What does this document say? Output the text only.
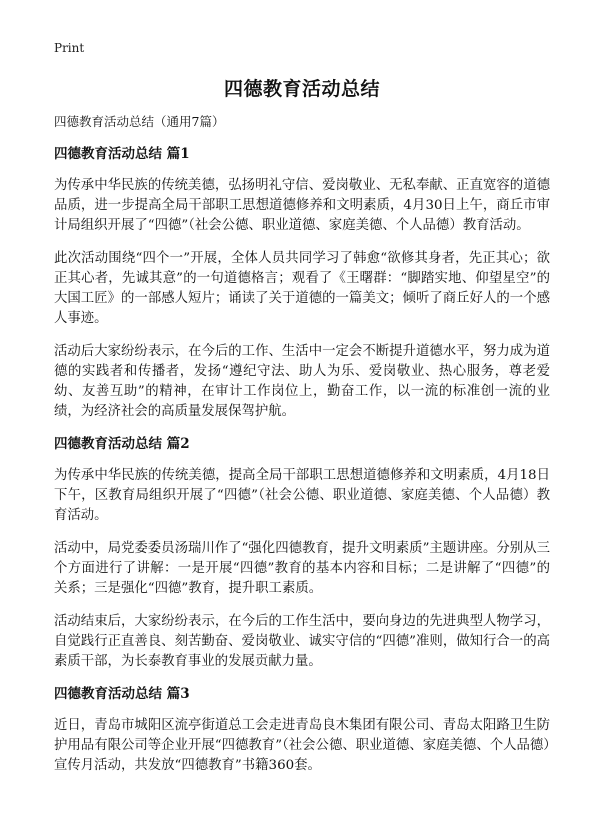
Print
四德教育活动总结

四德教育活动总结（通用7篇）

四德教育活动总结 篇1

为传承中华民族的传统美德，弘扬明礼守信、爱岗敬业、无私奉献、正直宽容的道德品质，进一步提高全局干部职工思想道德修养和文明素质，4月30日上午，商丘市审计局组织开展了“四德”（社会公德、职业道德、家庭美德、个人品德）教育活动。

此次活动围绕“四个一”开展，全体人员共同学习了韩愈“欲修其身者，先正其心；欲正其心者，先诚其意”的一句道德格言；观看了《王曙群：“脚踏实地、仰望星空”的大国工匠》的一部感人短片；诵读了关于道德的一篇美文；倾听了商丘好人的一个感人事迹。

活动后大家纷纷表示，在今后的工作、生活中一定会不断提升道德水平，努力成为道德的实践者和传播者，发扬“遵纪守法、助人为乐、爱岗敬业、热心服务，尊老爱幼、友善互助”的精神，在审计工作岗位上，勤奋工作，以一流的标准创一流的业绩，为经济社会的高质量发展保驾护航。

四德教育活动总结 篇2

为传承中华民族的传统美德，提高全局干部职工思想道德修养和文明素质，4月18日下午，区教育局组织开展了“四德”（社会公德、职业道德、家庭美德、个人品德）教育活动。

活动中，局党委委员汤瑞川作了“强化四德教育，提升文明素质”主题讲座。分别从三个方面进行了讲解：一是开展“四德”教育的基本内容和目标；二是讲解了“四德”的关系；三是强化“四德”教育，提升职工素质。

活动结束后，大家纷纷表示，在今后的工作生活中，要向身边的先进典型人物学习，自觉践行正直善良、刻苦勤奋、爱岗敬业、诚实守信的“四德”准则，做知行合一的高素质干部，为长泰教育事业的发展贡献力量。

四德教育活动总结 篇3

近日，青岛市城阳区流亭街道总工会走进青岛良木集团有限公司、青岛太阳路卫生防护用品有限公司等企业开展“四德教育”（社会公德、职业道德、家庭美德、个人品德）宣传月活动，共发放“四德教育”书籍360套。
